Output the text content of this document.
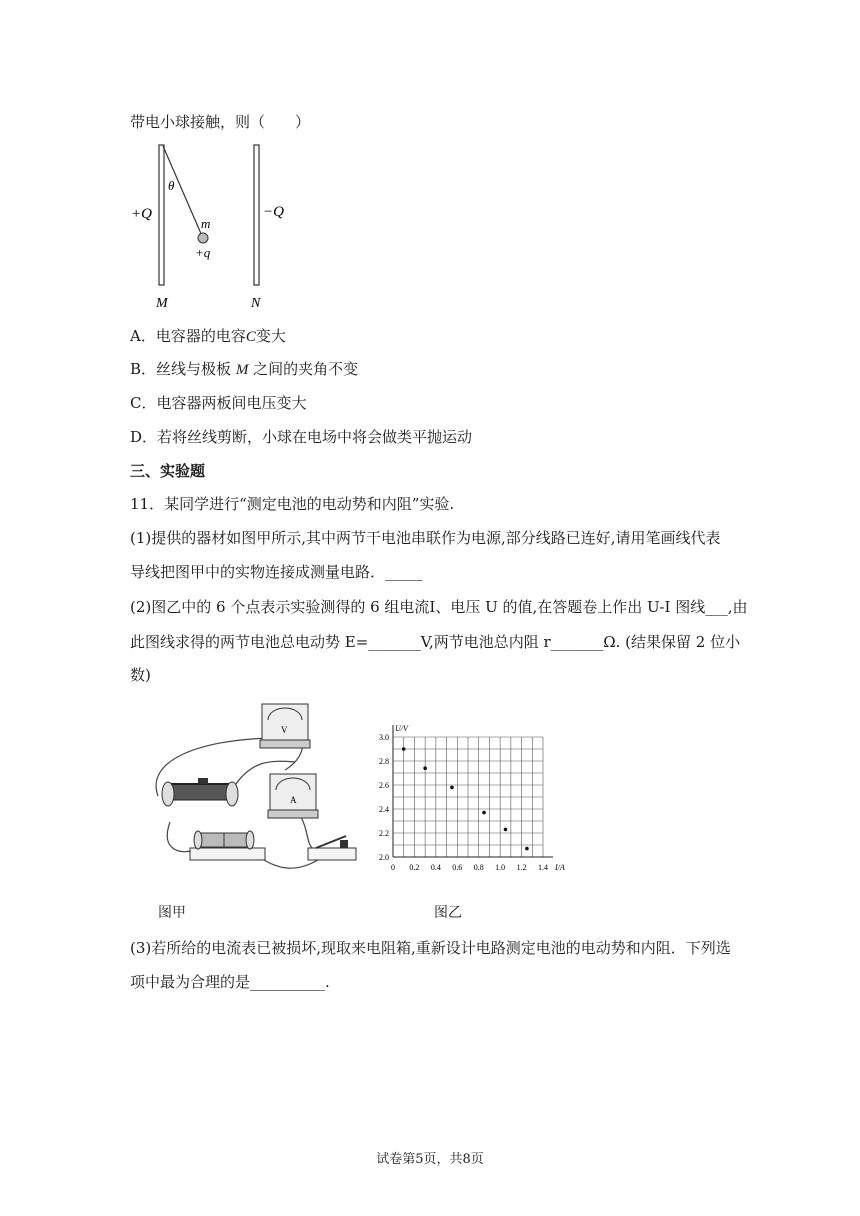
带电小球接触，则（　　）
+Q	−Q
θ
m
+q
M	N
A．电容器的电容C变大
B．丝线与极板 M 之间的夹角不变
C．电容器两板间电压变大
D．若将丝线剪断，小球在电场中将会做类平抛运动
三、实验题
11．某同学进行“测定电池的电动势和内阻”实验.
(1)提供的器材如图甲所示,其中两节干电池串联作为电源,部分线路已连好,请用笔画线代表
导线把图甲中的实物连接成测量电路．_____
(2)图乙中的 6 个点表示实验测得的 6 组电流I、电压 U 的值,在答题卷上作出 U-I 图线___,由
此图线求得的两节电池总电动势 E=_______V,两节电池总内阻 r_______Ω. (结果保留 2 位小
数)
V
A
图甲
I/A
U/V
0 0.2 0.4 0.6 0.8 1.0 1.2 1.4
2.0
2.2
2.4
2.6
2.8
3.0
图乙
(3)若所给的电流表已被损坏,现取来电阻箱,重新设计电路测定电池的电动势和内阻．下列选
项中最为合理的是__________.
试卷第5页，共8页
